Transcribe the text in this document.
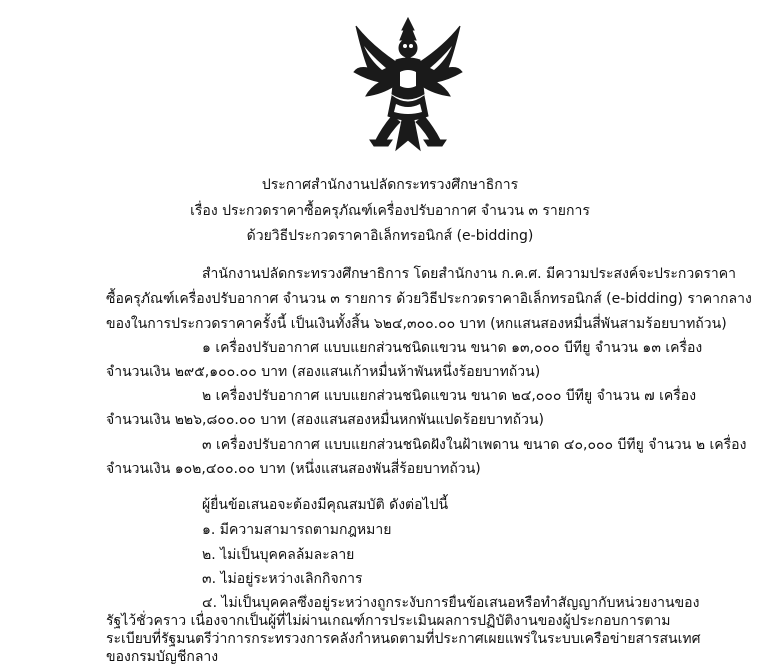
ประกาศสำนักงานปลัดกระทรวงศึกษาธิการ
เรื่อง ประกวดราคาซื้อครุภัณฑ์เครื่องปรับอากาศ จำนวน ๓ รายการ
ด้วยวิธีประกวดราคาอิเล็กทรอนิกส์ (e-bidding)
สำนักงานปลัดกระทรวงศึกษาธิการ โดยสำนักงาน ก.ค.ศ. มีความประสงค์จะประกวดราคา
ซื้อครุภัณฑ์เครื่องปรับอากาศ จำนวน ๓ รายการ ด้วยวิธีประกวดราคาอิเล็กทรอนิกส์ (e-bidding) ราคากลาง
ของในการประกวดราคาครั้งนี้ เป็นเงินทั้งสิ้น ๖๒๔,๓๐๐.๐๐ บาท (หกแสนสองหมื่นสี่พันสามร้อยบาทถ้วน)
๑ เครื่องปรับอากาศ แบบแยกส่วนชนิดแขวน ขนาด ๑๓,๐๐๐ บีทียู จำนวน ๑๓ เครื่อง
จำนวนเงิน ๒๙๕,๑๐๐.๐๐ บาท (สองแสนเก้าหมื่นห้าพันหนึ่งร้อยบาทถ้วน)
๒ เครื่องปรับอากาศ แบบแยกส่วนชนิดแขวน ขนาด ๒๔,๐๐๐ บีทียู จำนวน ๗ เครื่อง
จำนวนเงิน ๒๒๖,๘๐๐.๐๐ บาท (สองแสนสองหมื่นหกพันแปดร้อยบาทถ้วน)
๓ เครื่องปรับอากาศ แบบแยกส่วนชนิดฝังในฝ้าเพดาน ขนาด ๔๐,๐๐๐ บีทียู จำนวน ๒ เครื่อง
จำนวนเงิน ๑๐๒,๔๐๐.๐๐ บาท (หนึ่งแสนสองพันสี่ร้อยบาทถ้วน)
ผู้ยื่นข้อเสนอจะต้องมีคุณสมบัติ ดังต่อไปนี้
๑. มีความสามารถตามกฎหมาย
๒. ไม่เป็นบุคคลล้มละลาย
๓. ไม่อยู่ระหว่างเลิกกิจการ
๔. ไม่เป็นบุคคลซึ่งอยู่ระหว่างถูกระงับการยื่นข้อเสนอหรือทำสัญญากับหน่วยงานของรัฐไว้ชั่วคราว เนื่องจากเป็นผู้ที่ไม่ผ่านเกณฑ์การประเมินผลการปฏิบัติงานของผู้ประกอบการตามระเบียบที่รัฐมนตรีว่าการกระทรวงการคลังกำหนดตามที่ประกาศเผยแพร่ในระบบเครือข่ายสารสนเทศของกรมบัญชีกลาง
